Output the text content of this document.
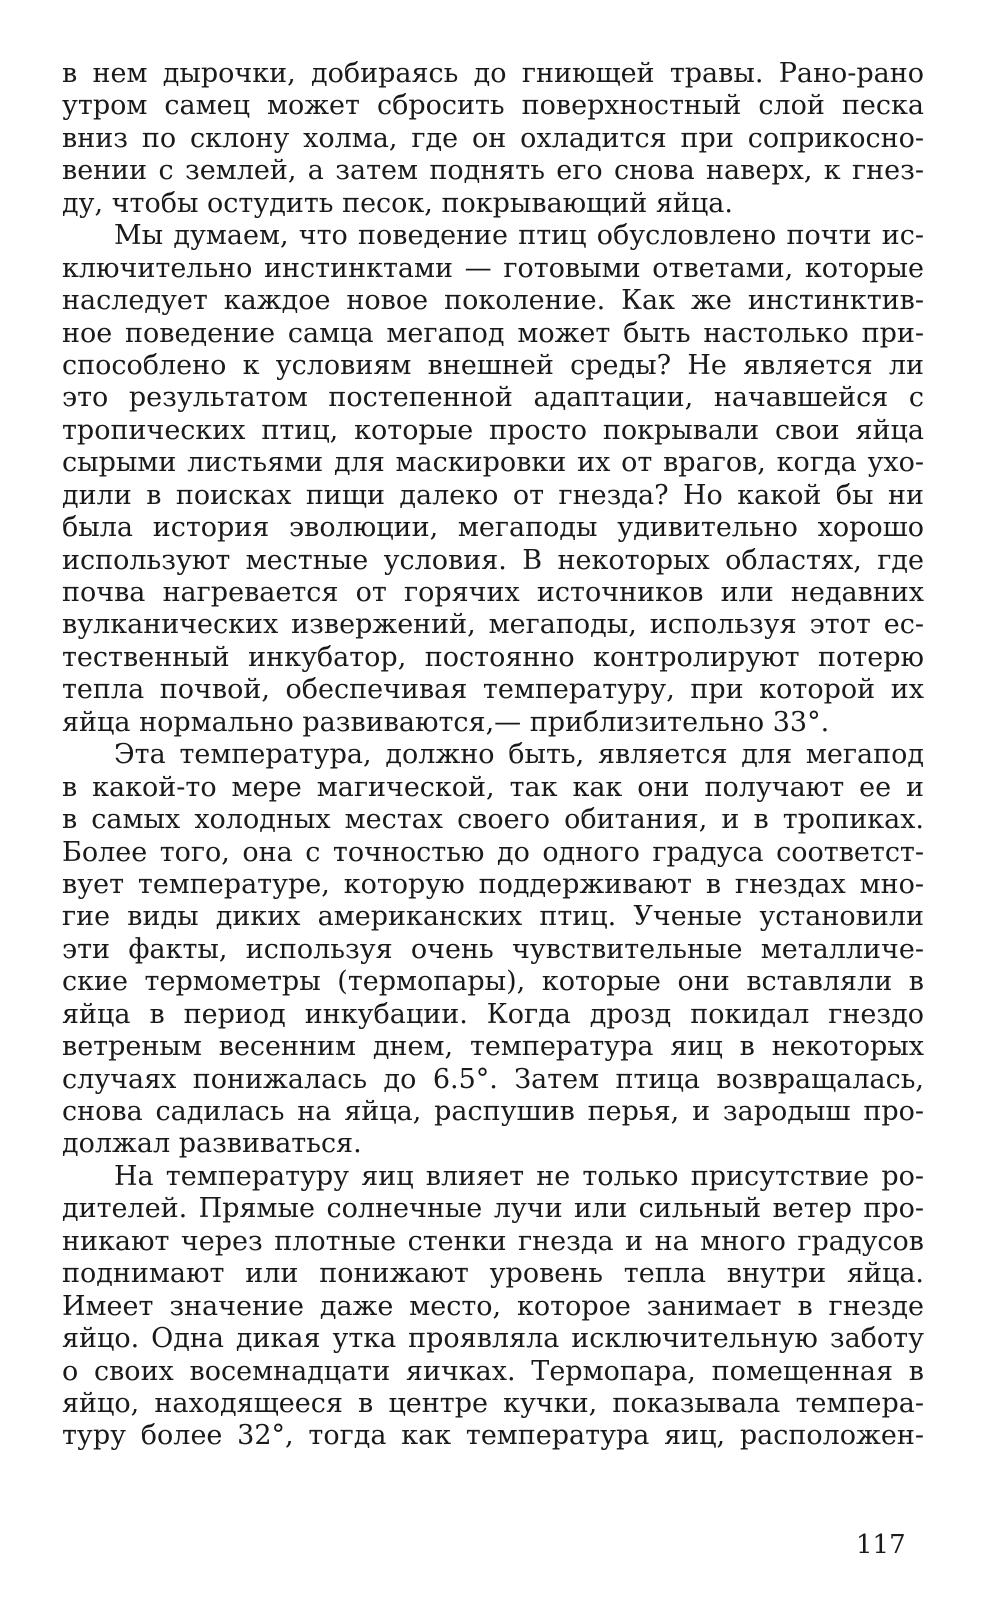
в нем дырочки, добираясь до гниющей травы. Рано-рано
утром самец может сбросить поверхностный слой песка
вниз по склону холма, где он охладится при соприкосно-
вении с землей, а затем поднять его снова наверх, к гнез-
ду, чтобы остудить песок, покрывающий яйца.
Мы думаем, что поведение птиц обусловлено почти ис-
ключительно инстинктами — готовыми ответами, которые
наследует каждое новое поколение. Как же инстинктив-
ное поведение самца мегапод может быть настолько при-
способлено к условиям внешней среды? Не является ли
это результатом постепенной адаптации, начавшейся с
тропических птиц, которые просто покрывали свои яйца
сырыми листьями для маскировки их от врагов, когда ухо-
дили в поисках пищи далеко от гнезда? Но какой бы ни
была история эволюции, мегаподы удивительно хорошо
используют местные условия. В некоторых областях, где
почва нагревается от горячих источников или недавних
вулканических извержений, мегаподы, используя этот ес-
тественный инкубатор, постоянно контролируют потерю
тепла почвой, обеспечивая температуру, при которой их
яйца нормально развиваются,— приблизительно 33°.
Эта температура, должно быть, является для мегапод
в какой-то мере магической, так как они получают ее и
в самых холодных местах своего обитания, и в тропиках.
Более того, она с точностью до одного градуса соответст-
вует температуре, которую поддерживают в гнездах мно-
гие виды диких американских птиц. Ученые установили
эти факты, используя очень чувствительные металличе-
ские термометры (термопары), которые они вставляли в
яйца в период инкубации. Когда дрозд покидал гнездо
ветреным весенним днем, температура яиц в некоторых
случаях понижалась до 6.5°. Затем птица возвращалась,
снова садилась на яйца, распушив перья, и зародыш про-
должал развиваться.
На температуру яиц влияет не только присутствие ро-
дителей. Прямые солнечные лучи или сильный ветер про-
никают через плотные стенки гнезда и на много градусов
поднимают или понижают уровень тепла внутри яйца.
Имеет значение даже место, которое занимает в гнезде
яйцо. Одна дикая утка проявляла исключительную заботу
о своих восемнадцати яичках. Термопара, помещенная в
яйцо, находящееся в центре кучки, показывала темпера-
туру более 32°, тогда как температура яиц, расположен-
117
